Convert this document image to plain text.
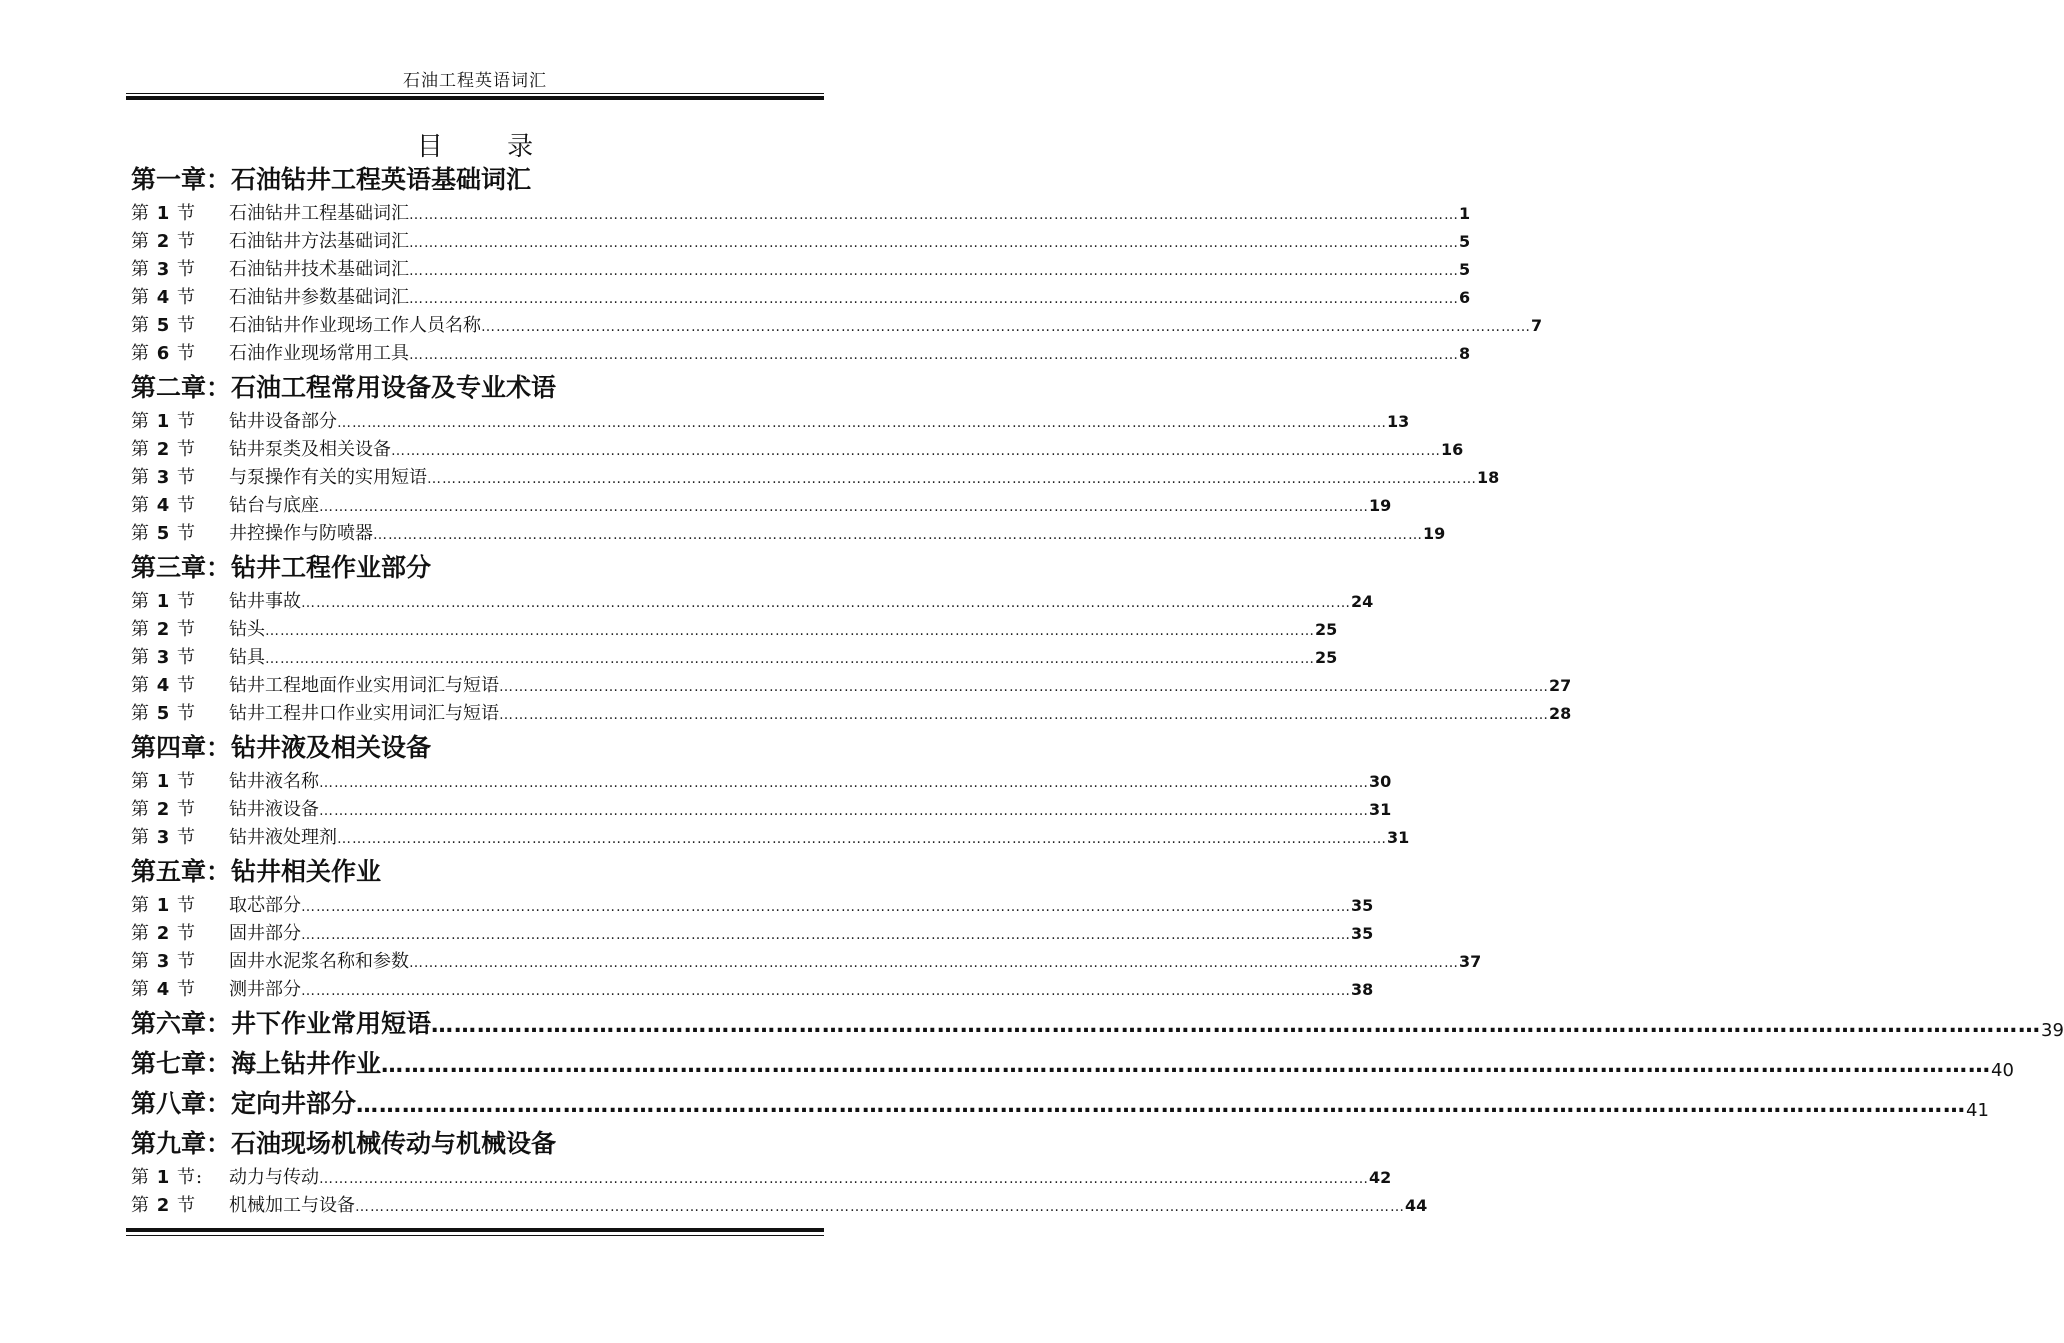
石油工程英语词汇
目 录
第一章：石油钻井工程英语基础词汇
第 1 节	石油钻井工程基础词汇 ………………………………………………………………………………………………………………………………………………………………………………………… 1
第 2 节	石油钻井方法基础词汇 ………………………………………………………………………………………………………………………………………………………………………………………… 5
第 3 节	石油钻井技术基础词汇 ………………………………………………………………………………………………………………………………………………………………………………………… 5
第 4 节	石油钻井参数基础词汇 ………………………………………………………………………………………………………………………………………………………………………………………… 6
第 5 节	石油钻井作业现场工作人员名称 ………………………………………………………………………………………………………………………………………………………………………………………… 7
第 6 节	石油作业现场常用工具 ………………………………………………………………………………………………………………………………………………………………………………………… 8
第二章：石油工程常用设备及专业术语
第 1 节	钻井设备部分 ………………………………………………………………………………………………………………………………………………………………………………………… 13
第 2 节	钻井泵类及相关设备 ………………………………………………………………………………………………………………………………………………………………………………………… 16
第 3 节	与泵操作有关的实用短语 ………………………………………………………………………………………………………………………………………………………………………………………… 18
第 4 节	钻台与底座 ………………………………………………………………………………………………………………………………………………………………………………………… 19
第 5 节	井控操作与防喷器 ………………………………………………………………………………………………………………………………………………………………………………………… 19
第三章：钻井工程作业部分
第 1 节	钻井事故 ………………………………………………………………………………………………………………………………………………………………………………………… 24
第 2 节	钻头 ………………………………………………………………………………………………………………………………………………………………………………………… 25
第 3 节	钻具 ………………………………………………………………………………………………………………………………………………………………………………………… 25
第 4 节	钻井工程地面作业实用词汇与短语 ………………………………………………………………………………………………………………………………………………………………………………………… 27
第 5 节	钻井工程井口作业实用词汇与短语 ………………………………………………………………………………………………………………………………………………………………………………………… 28
第四章：钻井液及相关设备
第 1 节	钻井液名称 ………………………………………………………………………………………………………………………………………………………………………………………… 30
第 2 节	钻井液设备 ………………………………………………………………………………………………………………………………………………………………………………………… 31
第 3 节	钻井液处理剂 ………………………………………………………………………………………………………………………………………………………………………………………… 31
第五章：钻井相关作业
第 1 节	取芯部分 ………………………………………………………………………………………………………………………………………………………………………………………… 35
第 2 节	固井部分 ………………………………………………………………………………………………………………………………………………………………………………………… 35
第 3 节	固井水泥浆名称和参数 ………………………………………………………………………………………………………………………………………………………………………………………… 37
第 4 节	测井部分 ………………………………………………………………………………………………………………………………………………………………………………………… 38
第六章：井下作业常用短语 ………………………………………………………………………………………………………………………………………………………………………………………… 39
第七章：海上钻井作业 ………………………………………………………………………………………………………………………………………………………………………………………… 40
第八章：定向井部分 ………………………………………………………………………………………………………………………………………………………………………………………… 41
第九章：石油现场机械传动与机械设备
第 1 节:	动力与传动 ………………………………………………………………………………………………………………………………………………………………………………………… 42
第 2 节	机械加工与设备 ………………………………………………………………………………………………………………………………………………………………………………………… 44
